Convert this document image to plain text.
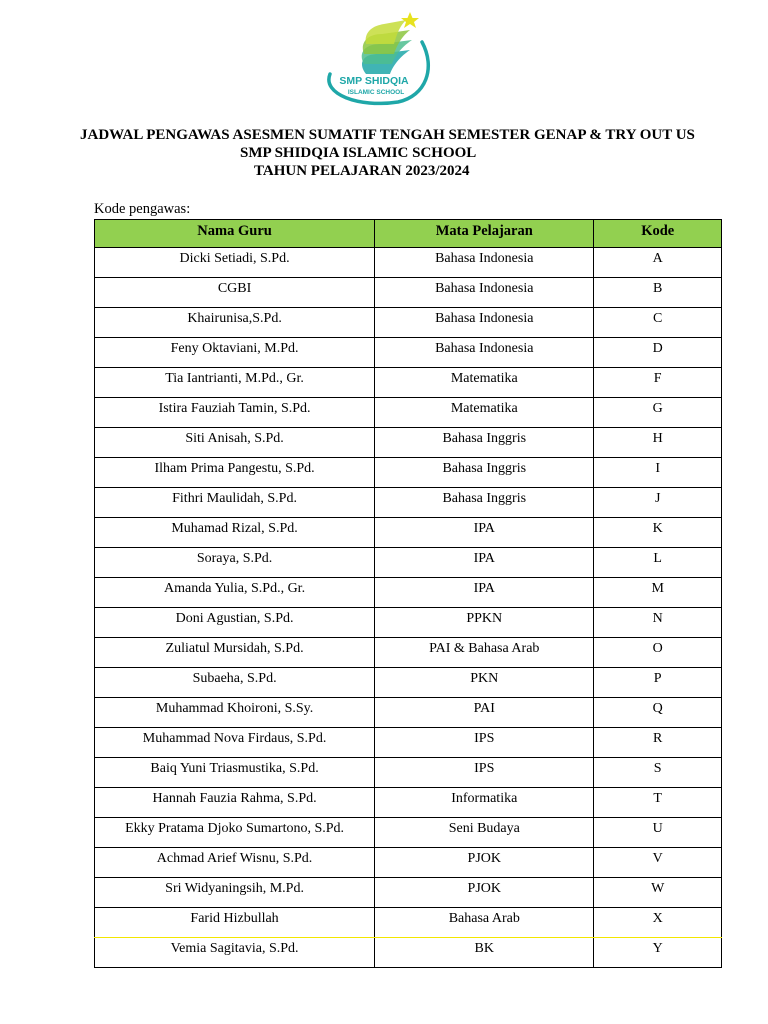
SMP SHIDQIA
ISLAMIC SCHOOL
JADWAL PENGAWAS ASESMEN SUMATIF TENGAH SEMESTER GENAP & TRY OUT US
SMP SHIDQIA ISLAMIC SCHOOL
TAHUN PELAJARAN 2023/2024
Kode pengawas:
Nama Guru	Mata Pelajaran	Kode
Dicki Setiadi, S.Pd.	Bahasa Indonesia	A
CGBI	Bahasa Indonesia	B
Khairunisa,S.Pd.	Bahasa Indonesia	C
Feny Oktaviani, M.Pd.	Bahasa Indonesia	D
Tia Iantrianti, M.Pd., Gr.	Matematika	F
Istira Fauziah Tamin, S.Pd.	Matematika	G
Siti Anisah, S.Pd.	Bahasa Inggris	H
Ilham Prima Pangestu, S.Pd.	Bahasa Inggris	I
Fithri Maulidah, S.Pd.	Bahasa Inggris	J
Muhamad Rizal, S.Pd.	IPA	K
Soraya, S.Pd.	IPA	L
Amanda Yulia, S.Pd., Gr.	IPA	M
Doni Agustian, S.Pd.	PPKN	N
Zuliatul Mursidah, S.Pd.	PAI & Bahasa Arab	O
Subaeha, S.Pd.	PKN	P
Muhammad Khoironi, S.Sy.	PAI	Q
Muhammad Nova Firdaus, S.Pd.	IPS	R
Baiq Yuni Triasmustika, S.Pd.	IPS	S
Hannah Fauzia Rahma, S.Pd.	Informatika	T
Ekky Pratama Djoko Sumartono, S.Pd.	Seni Budaya	U
Achmad Arief Wisnu, S.Pd.	PJOK	V
Sri Widyaningsih, M.Pd.	PJOK	W
Farid Hizbullah	Bahasa Arab	X
Vemia Sagitavia, S.Pd.	BK	Y
